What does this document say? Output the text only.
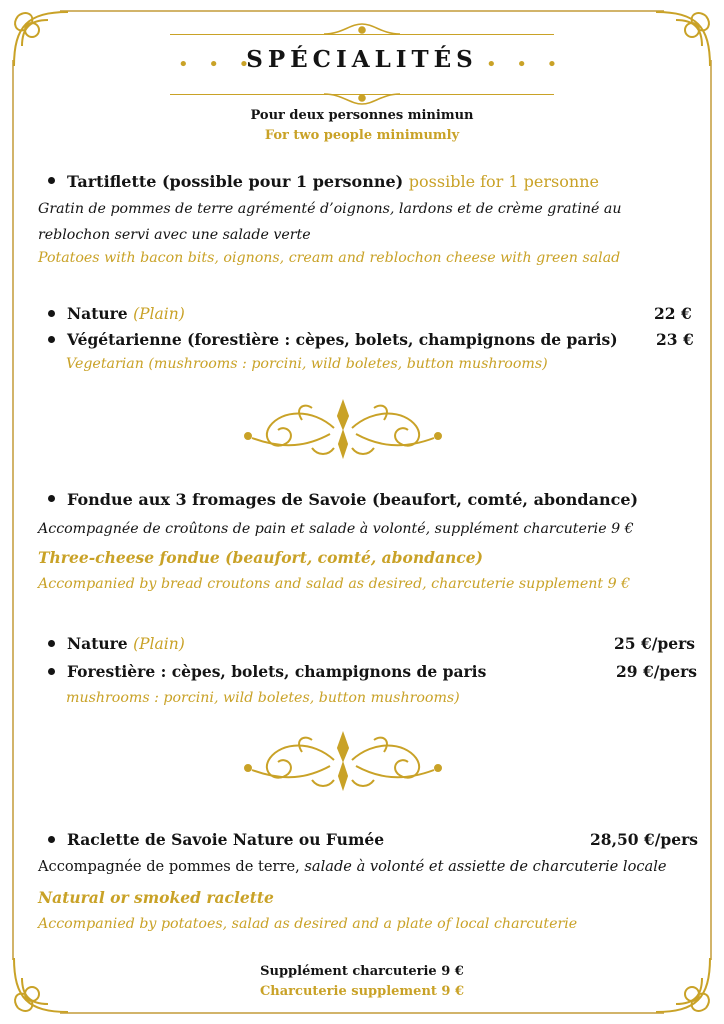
• • •	• • •
SPÉCIALITÉS
Pour deux personnes minimun
For two people minimumly
Tartiflette (possible pour 1 personne) possible for 1 personne
Gratin de pommes de terre agrémenté d’oignons, lardons et de crème gratiné au reblochon servi avec une salade verte
Potatoes with bacon bits, oignons, cream and reblochon cheese with green salad
Nature (Plain)	22 €
Végétarienne (forestière : cèpes, bolets, champignons de paris) 23 €
Vegetarian (mushrooms : porcini, wild boletes, button mushrooms)
Fondue aux 3 fromages de Savoie (beaufort, comté, abondance)
Accompagnée de croûtons de pain et salade à volonté, supplément charcuterie 9 €
Three-cheese fondue (beaufort, comté, abondance)
Accompanied by bread croutons and salad as desired, charcuterie supplement 9 €
Nature (Plain)	25 €/pers
Forestière : cèpes, bolets, champignons de paris	29 €/pers
mushrooms : porcini, wild boletes, button mushrooms)
Raclette de Savoie Nature ou Fumée	28,50 €/pers
Accompagnée de pommes de terre, salade à volonté et assiette de charcuterie locale
Natural or smoked raclette
Accompanied by potatoes, salad as desired and a plate of local charcuterie
Supplément charcuterie 9 €
Charcuterie supplement 9 €
